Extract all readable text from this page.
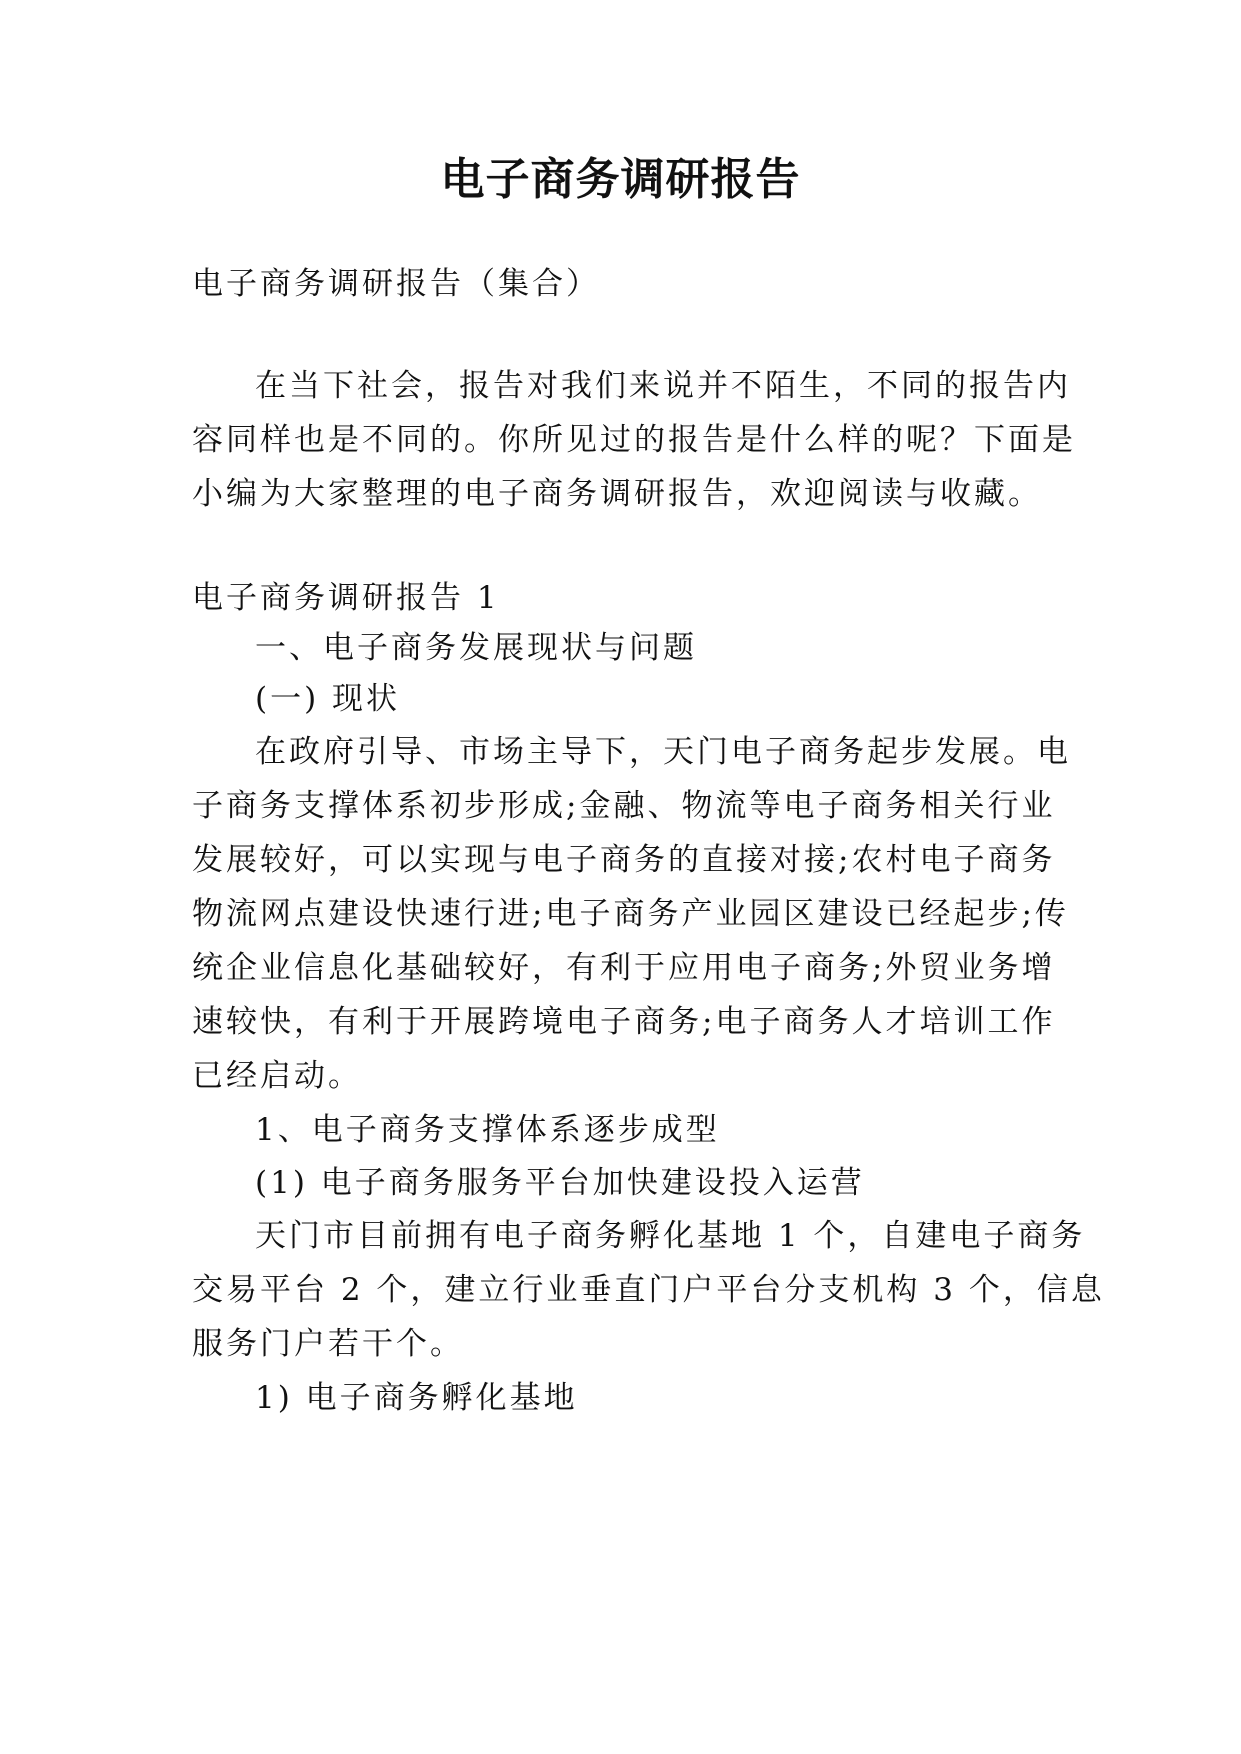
电子商务调研报告
电子商务调研报告（集合）
在当下社会，报告对我们来说并不陌生，不同的报告内
容同样也是不同的。你所见过的报告是什么样的呢？下面是
小编为大家整理的电子商务调研报告，欢迎阅读与收藏。
电子商务调研报告 1
一、电子商务发展现状与问题
(一) 现状
在政府引导、市场主导下，天门电子商务起步发展。电
子商务支撑体系初步形成;金融、物流等电子商务相关行业
发展较好，可以实现与电子商务的直接对接;农村电子商务
物流网点建设快速行进;电子商务产业园区建设已经起步;传
统企业信息化基础较好，有利于应用电子商务;外贸业务增
速较快，有利于开展跨境电子商务;电子商务人才培训工作
已经启动。
1、电子商务支撑体系逐步成型
(1) 电子商务服务平台加快建设投入运营
天门市目前拥有电子商务孵化基地 1 个，自建电子商务
交易平台 2 个，建立行业垂直门户平台分支机构 3 个，信息
服务门户若干个。
1) 电子商务孵化基地
